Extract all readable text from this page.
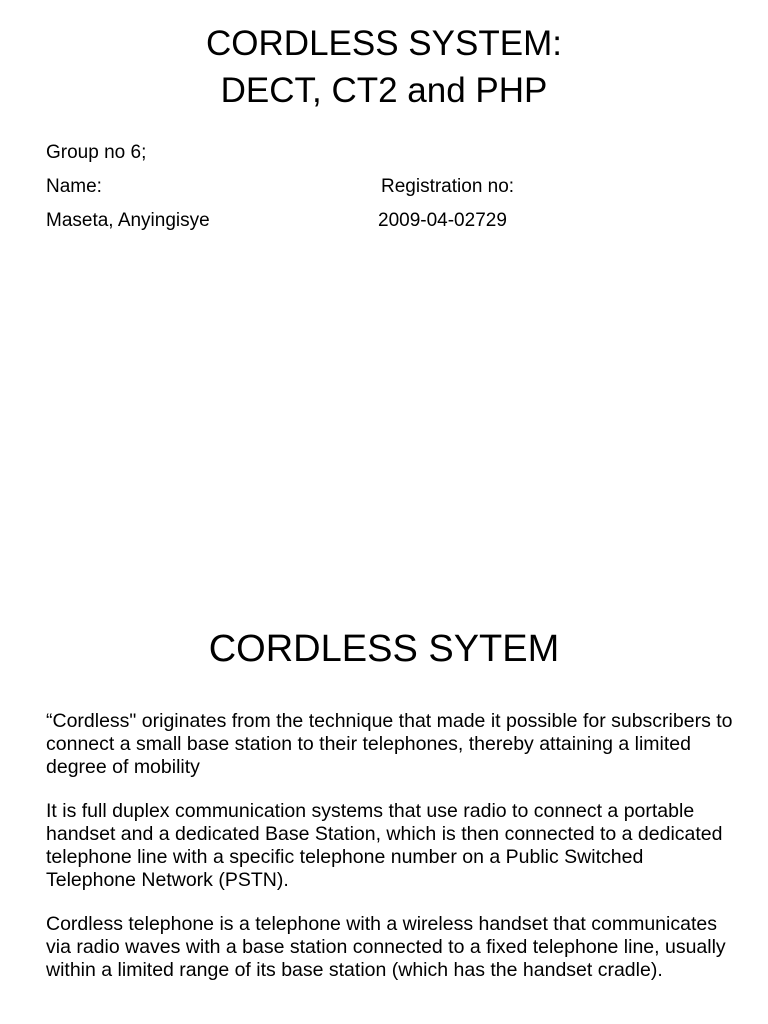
CORDLESS SYSTEM:
DECT, CT2 and PHP
Group no 6;
Name:	Registration no:
Maseta, Anyingisye	2009-04-02729
CORDLESS SYTEM

“Cordless" originates from the technique that made it possible for subscribers to connect a small base station to their telephones, thereby attaining a limited degree of mobility

It is full duplex communication systems that use radio to connect a portable handset and a dedicated Base Station, which is then connected to a dedicated telephone line with a specific telephone number on a Public Switched Telephone Network (PSTN).

Cordless telephone is a telephone with a wireless handset that communicates via radio waves with a base station connected to a fixed telephone line, usually within a limited range of its base station (which has the handset cradle).
